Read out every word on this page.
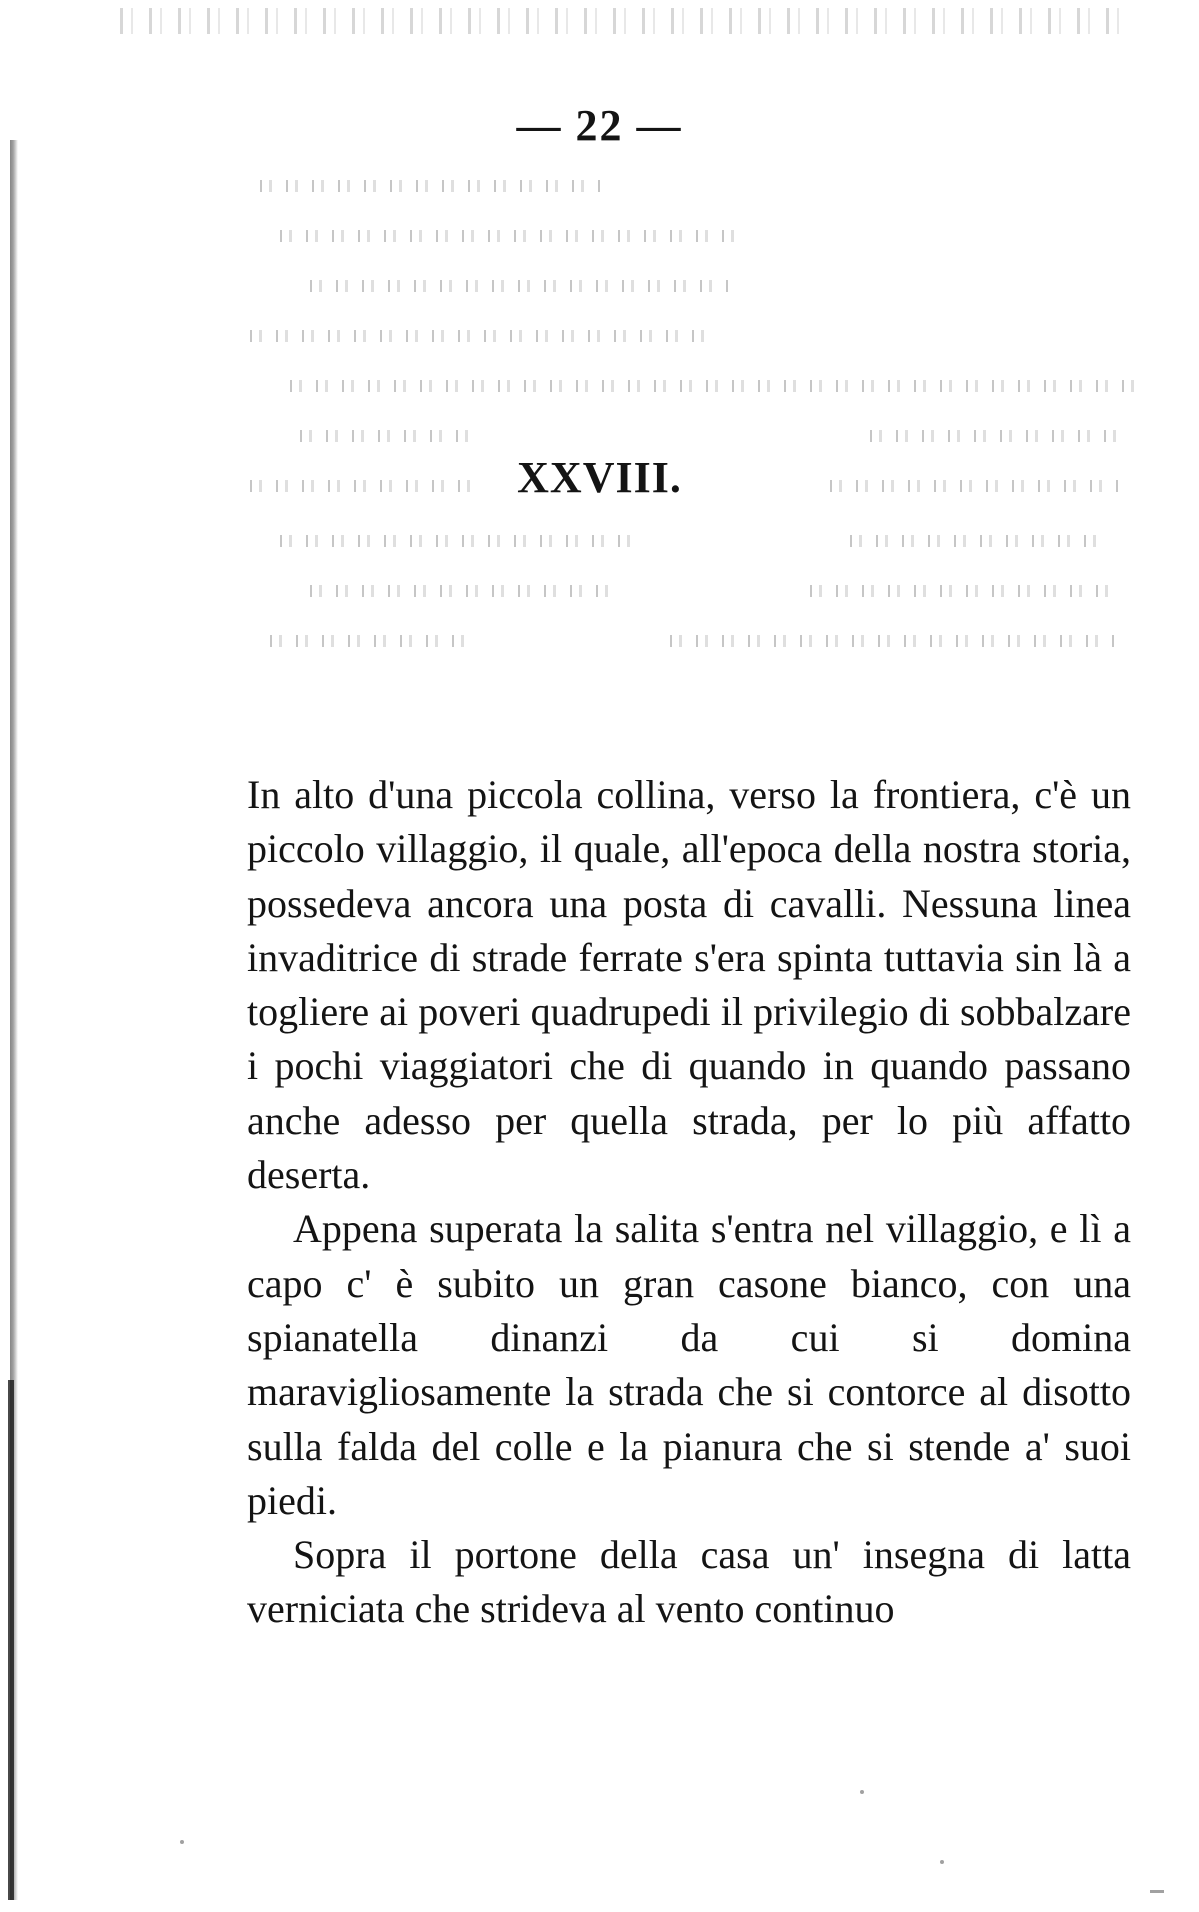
— 22 —
XXVIII.

In alto d'una piccola collina, verso la frontiera, c'è un piccolo villaggio, il quale, all'epoca della nostra storia, possedeva ancora una posta di cavalli. Nessuna linea invaditrice di strade ferrate s'era spinta tuttavia sin là a togliere ai poveri quadrupedi il privilegio di sobbalzare i pochi viaggiatori che di quando in quando passano anche adesso per quella strada, per lo più affatto deserta.

Appena superata la salita s'entra nel villaggio, e lì a capo c' è subito un gran casone bianco, con una spianatella dinanzi da cui si domina maravigliosamente la strada che si contorce al disotto sulla falda del colle e la pianura che si stende a' suoi piedi.

Sopra il portone della casa un' insegna di latta verniciata che strideva al vento continuo
